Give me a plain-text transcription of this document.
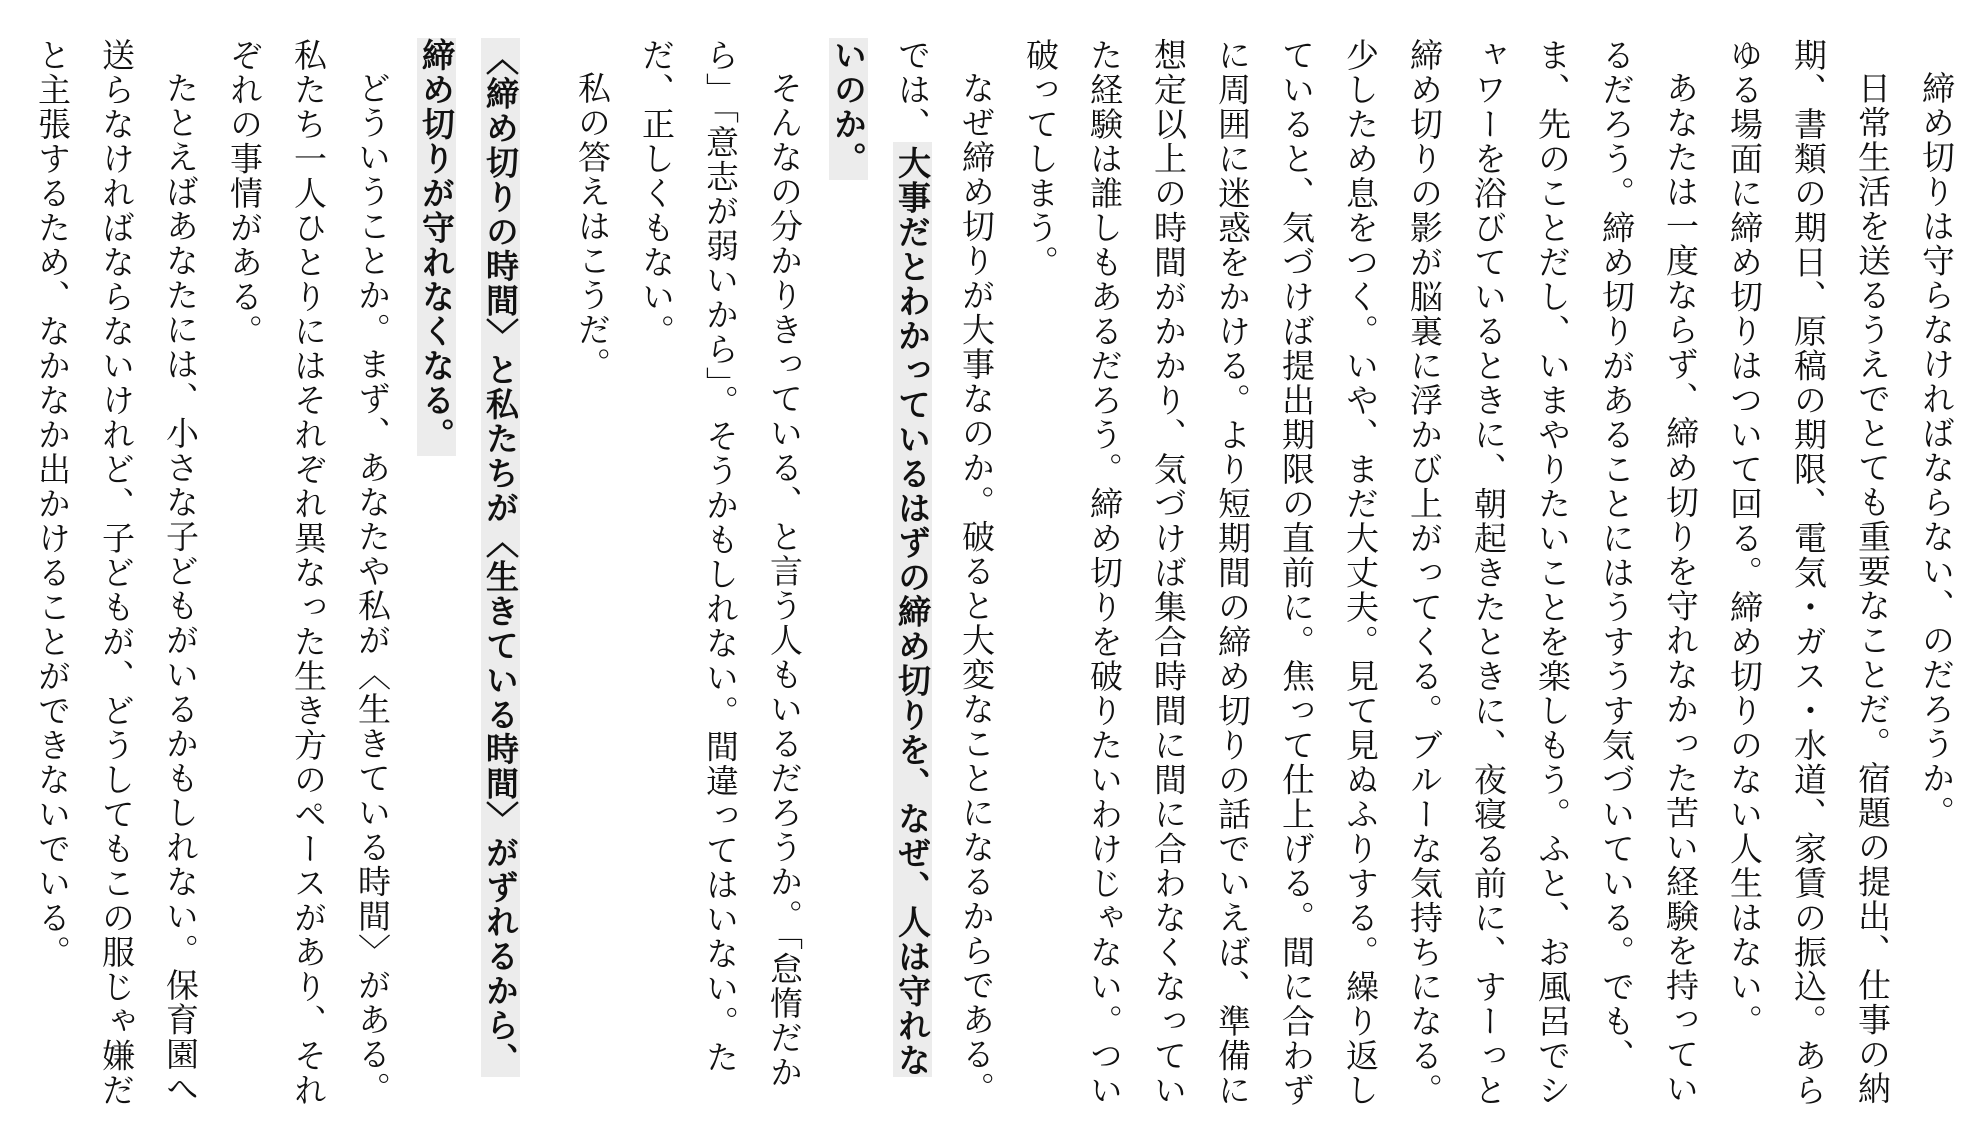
締め切りは守らなければならない、のだろうか。

日常生活を送るうえでとても重要なことだ。宿題の提出、仕事の納期、書類の期日、原稿の期限、電気・ガス・水道、家賃の振込。あらゆる場面に締め切りはついて回る。締め切りのない人生はない。

あなたは一度ならず、締め切りを守れなかった苦い経験を持っているだろう。締め切りがあることにはうすうす気づいている。でも、ま、先のことだし、いまやりたいことを楽しもう。ふと、お風呂でシャワーを浴びているときに、朝起きたときに、夜寝る前に、すーっと締め切りの影が脳裏に浮かび上がってくる。ブルーな気持ちになる。少しため息をつく。いや、まだ大丈夫。見て見ぬふりする。繰り返していると、気づけば提出期限の直前に。焦って仕上げる。間に合わずに周囲に迷惑をかける。より短期間の締め切りの話でいえば、準備に想定以上の時間がかかり、気づけば集合時間に間に合わなくなっていた経験は誰しもあるだろう。締め切りを破りたいわけじゃない。つい破ってしまう。

なぜ締め切りが大事なのか。破ると大変なことになるからである。では、大事だとわかっているはずの締め切りを、なぜ、人は守れないのか。

そんなの分かりきっている、と言う人もいるだろうか。「怠惰だから」「意志が弱いから」。そうかもしれない。間違ってはいない。ただ、正しくもない。

私の答えはこうだ。

〈締め切りの時間〉と私たちが〈生きている時間〉がずれるから、締め切りが守れなくなる。

どういうことか。まず、あなたや私が〈生きている時間〉がある。私たち一人ひとりにはそれぞれ異なった生き方のペースがあり、それぞれの事情がある。

たとえばあなたには、小さな子どもがいるかもしれない。保育園へ送らなければならないけれど、子どもが、どうしてもこの服じゃ嫌だと主張するため、なかなか出かけることができないでいる。
